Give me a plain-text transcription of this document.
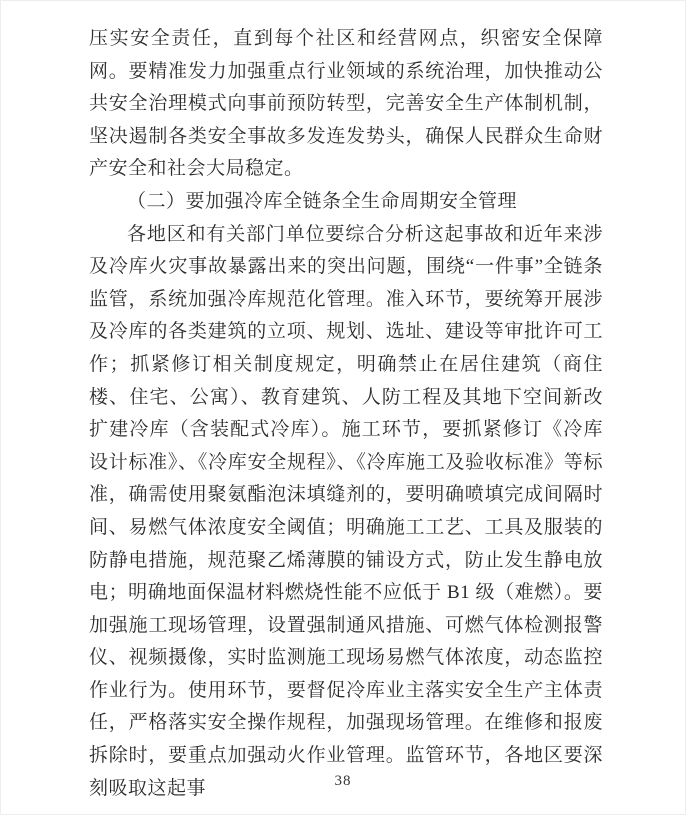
压实安全责任，直到每个社区和经营网点，织密安全保障网。要精准发力加强重点行业领域的系统治理，加快推动公共安全治理模式向事前预防转型，完善安全生产体制机制，坚决遏制各类安全事故多发连发势头，确保人民群众生命财产安全和社会大局稳定。

（二）要加强冷库全链条全生命周期安全管理

各地区和有关部门单位要综合分析这起事故和近年来涉及冷库火灾事故暴露出来的突出问题，围绕“一件事”全链条监管，系统加强冷库规范化管理。准入环节，要统筹开展涉及冷库的各类建筑的立项、规划、选址、建设等审批许可工作；抓紧修订相关制度规定，明确禁止在居住建筑（商住楼、住宅、公寓）、教育建筑、人防工程及其地下空间新改扩建冷库（含装配式冷库）。施工环节，要抓紧修订《冷库设计标准》、《冷库安全规程》、《冷库施工及验收标准》等标准，确需使用聚氨酯泡沫填缝剂的，要明确喷填完成间隔时间、易燃气体浓度安全阈值；明确施工工艺、工具及服装的防静电措施，规范聚乙烯薄膜的铺设方式，防止发生静电放电；明确地面保温材料燃烧性能不应低于 B1 级（难燃）。要加强施工现场管理，设置强制通风措施、可燃气体检测报警仪、视频摄像，实时监测施工现场易燃气体浓度，动态监控作业行为。使用环节，要督促冷库业主落实安全生产主体责任，严格落实安全操作规程，加强现场管理。在维修和报废拆除时，要重点加强动火作业管理。监管环节，各地区要深刻吸取这起事	38
